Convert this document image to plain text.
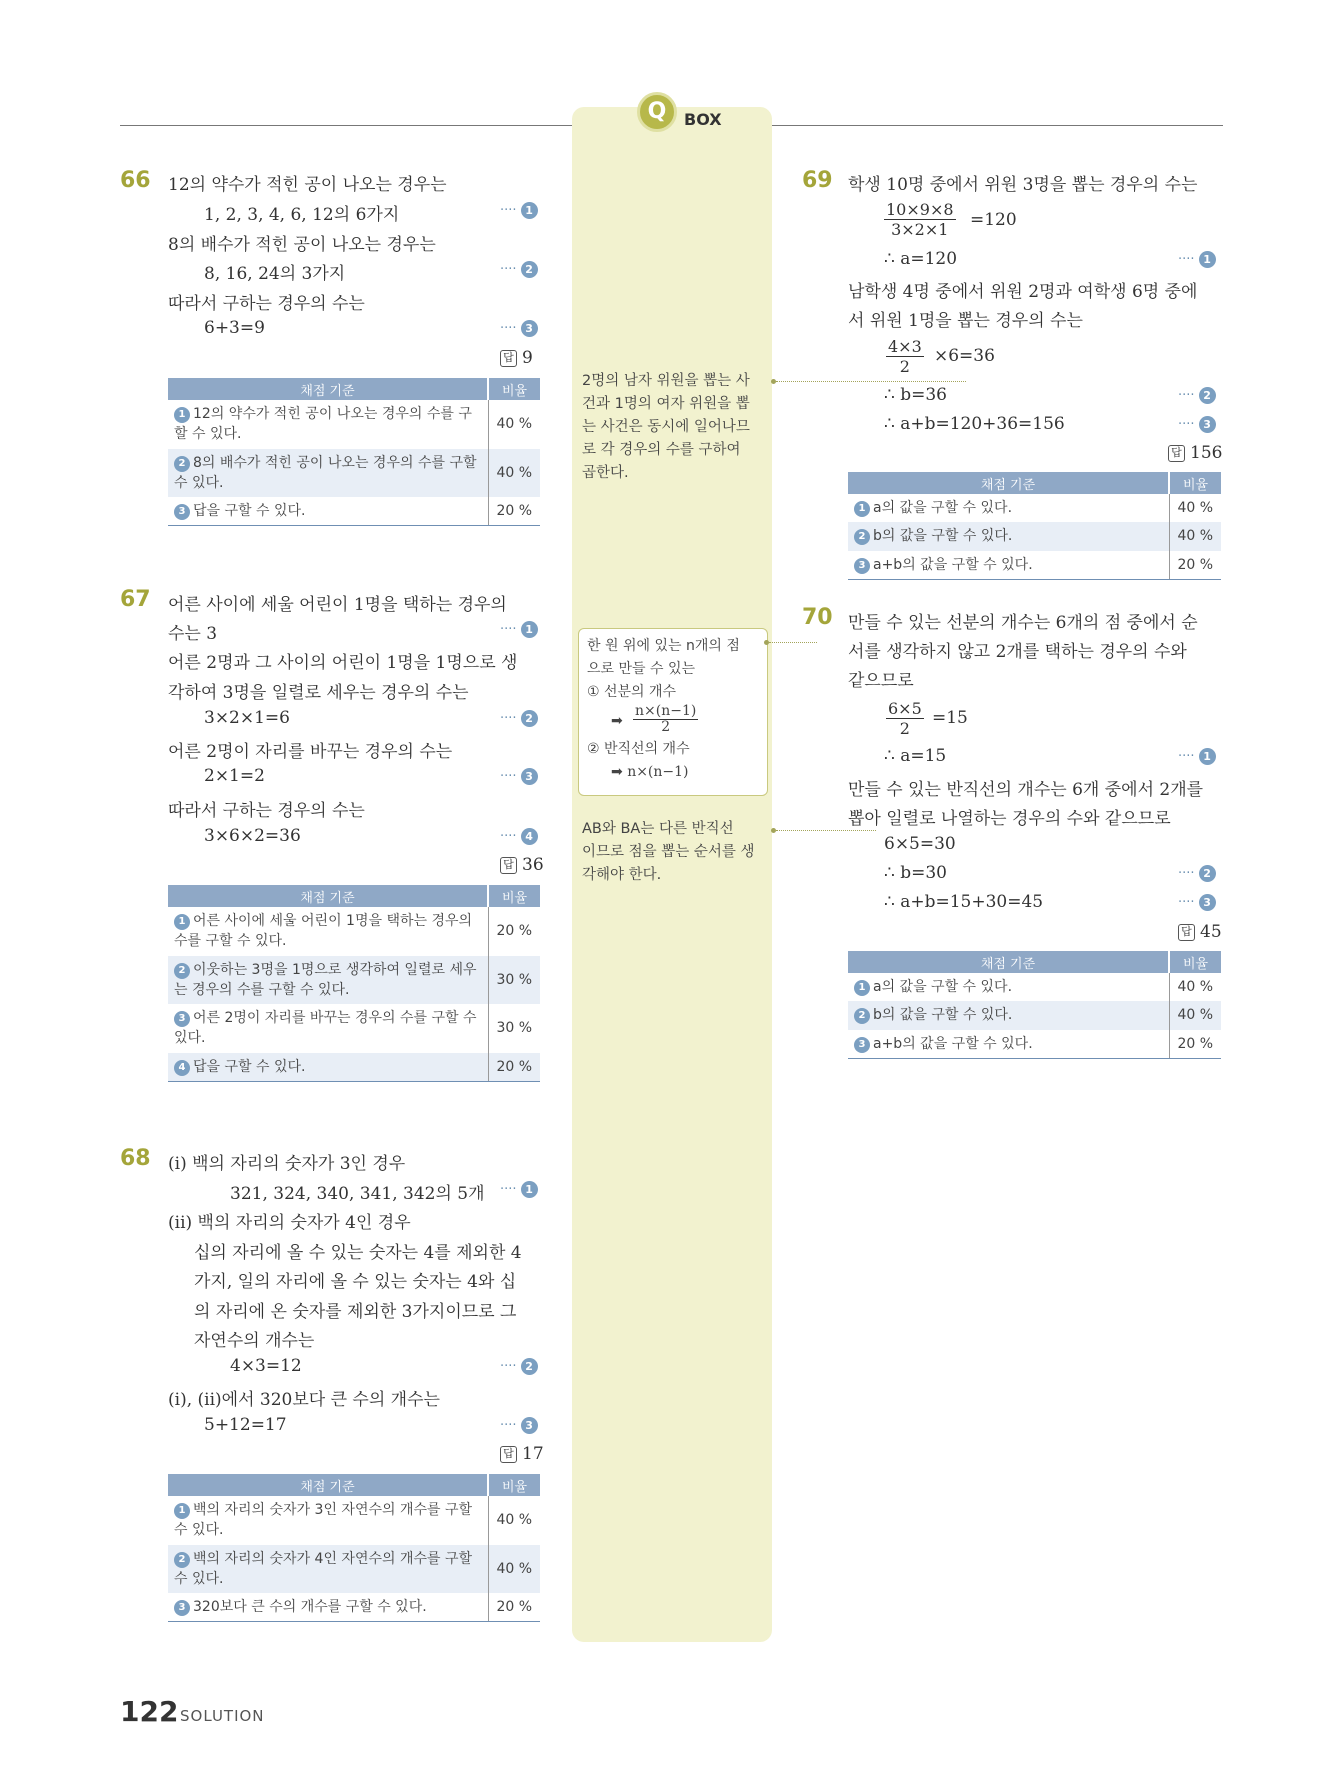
Q	BOX
66 12의 약수가 적힌 공이 나오는 경우는
1, 2, 3, 4, 6, 12의 6가지	···· 1
8의 배수가 적힌 공이 나오는 경우는
8, 16, 24의 3가지	···· 2
따라서 구하는 경우의 수는
6+3=9	···· 3
답 9
채점 기준	비율
1 12의 약수가 적힌 공이 나오는 경우의 수를 구할 수 있다.	40 %
2 8의 배수가 적힌 공이 나오는 경우의 수를 구할 수 있다.	40 %
3 답을 구할 수 있다.	20 %
67 어른 사이에 세울 어린이 1명을 택하는 경우의
수는 3	···· 1
어른 2명과 그 사이의 어린이 1명을 1명으로 생
각하여 3명을 일렬로 세우는 경우의 수는
3×2×1=6	···· 2
어른 2명이 자리를 바꾸는 경우의 수는
2×1=2	···· 3
따라서 구하는 경우의 수는
3×6×2=36	···· 4
답 36
채점 기준	비율
1 어른 사이에 세울 어린이 1명을 택하는 경우의 수를 구할 수 있다.	20 %
2 이웃하는 3명을 1명으로 생각하여 일렬로 세우는 경우의 수를 구할 수 있다.	30 %
3 어른 2명이 자리를 바꾸는 경우의 수를 구할 수 있다.	30 %
4 답을 구할 수 있다.	20 %
68 (i) 백의 자리의 숫자가 3인 경우
321, 324, 340, 341, 342의 5개 ···· 1
(ii) 백의 자리의 숫자가 4인 경우
십의 자리에 올 수 있는 숫자는 4를 제외한 4
가지, 일의 자리에 올 수 있는 숫자는 4와 십
의 자리에 온 숫자를 제외한 3가지이므로 그
자연수의 개수는
4×3=12	···· 2
(i), (ii)에서 320보다 큰 수의 개수는
5+12=17	···· 3
답 17
채점 기준	비율
1 백의 자리의 숫자가 3인 자연수의 개수를 구할 수 있다.	40 %
2 백의 자리의 숫자가 4인 자연수의 개수를 구할 수 있다.	40 %
3 320보다 큰 수의 개수를 구할 수 있다.	20 %
2명의 남자 위원을 뽑는 사
건과 1명의 여자 위원을 뽑
는 사건은 동시에 일어나므
로 각 경우의 수를 구하여
곱한다.
한 원 위에 있는 n개의 점
으로 만들 수 있는
① 선분의 개수
➡
n×(n−1)
2
② 반직선의 개수
➡ n×(n−1)
AB와 BA는 다른 반직선
이므로 점을 뽑는 순서를 생
각해야 한다.
69 학생 10명 중에서 위원 3명을 뽑는 경우의 수는
$\frac{10\times 9\times 8}{3\times 2\times 1} =120$
∴ a=120	···· 1
남학생 4명 중에서 위원 2명과 여학생 6명 중에
서 위원 1명을 뽑는 경우의 수는
$\frac{4\times 3}{2} \times 6=36$
∴ b=36	···· 2
∴ a+b=120+36=156	···· 3
답 156
채점 기준	비율
1 a의 값을 구할 수 있다.	40 %
2 b의 값을 구할 수 있다.	40 %
3 a+b의 값을 구할 수 있다.	20 %
70 만들 수 있는 선분의 개수는 6개의 점 중에서 순
서를 생각하지 않고 2개를 택하는 경우의 수와
같으므로
$\frac{6\times 5}{2} =15$
∴ a=15	···· 1
만들 수 있는 반직선의 개수는 6개 중에서 2개를
뽑아 일렬로 나열하는 경우의 수와 같으므로
6×5=30
∴ b=30	···· 2
∴ a+b=15+30=45	···· 3
답 45
채점 기준	비율
1 a의 값을 구할 수 있다.	40 %
2 b의 값을 구할 수 있다.	40 %
3 a+b의 값을 구할 수 있다.	20 %
122 SOLUTION
